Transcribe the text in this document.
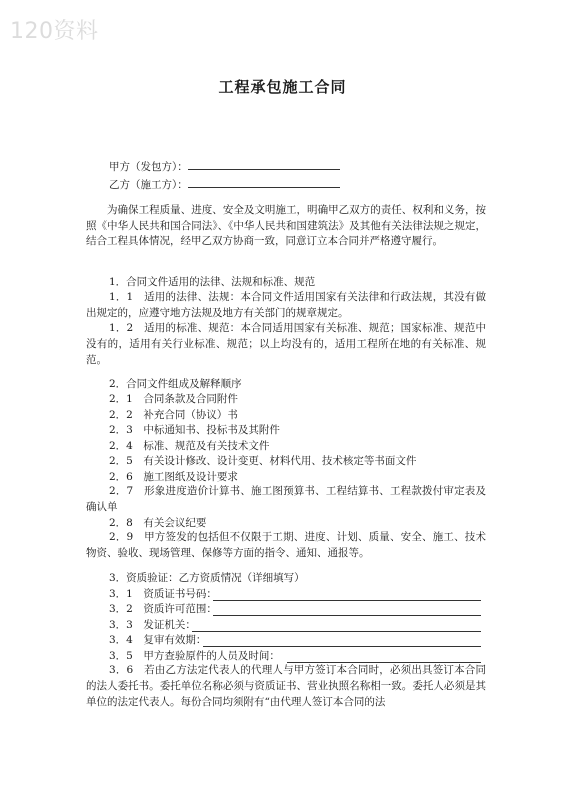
120资料
工程承包施工合同
甲方（发包方）：
乙方（施工方）：
为确保工程质量、进度、安全及文明施工，明确甲乙双方的责任、权利和义务，按照《中华人民共和国合同法》、《中华人民共和国建筑法》及其他有关法律法规之规定，结合工程具体情况，经甲乙双方协商一致，同意订立本合同并严格遵守履行。
1．合同文件适用的法律、法规和标准、规范
1．1　适用的法律、法规：本合同文件适用国家有关法律和行政法规，其没有做出规定的，应遵守地方法规及地方有关部门的规章规定。
1．2　适用的标准、规范：本合同适用国家有关标准、规范；国家标准、规范中没有的，适用有关行业标准、规范；以上均没有的，适用工程所在地的有关标准、规范。
2．合同文件组成及解释顺序
2．1　合同条款及合同附件
2．2　补充合同（协议）书
2．3　中标通知书、投标书及其附件
2．4　标准、规范及有关技术文件
2．5　有关设计修改、设计变更、材料代用、技术核定等书面文件
2．6　施工图纸及设计要求
2．7　形象进度造价计算书、施工图预算书、工程结算书、工程款拨付审定表及确认单
2．8　有关会议纪要
2．9　甲方签发的包括但不仅限于工期、进度、计划、质量、安全、施工、技术物资、验收、现场管理、保修等方面的指令、通知、通报等。
3．资质验证：乙方资质情况（详细填写）
3．1　资质证书号码：
3．2　资质许可范围：
3．3　发证机关：
3．4　复审有效期：
3．5　甲方查验原件的人员及时间：
3．6　若由乙方法定代表人的代理人与甲方签订本合同时，必须出具签订本合同的法人委托书。委托单位名称必须与资质证书、营业执照名称相一致。委托人必须是其单位的法定代表人。每份合同均须附有“由代理人签订本合同的法
